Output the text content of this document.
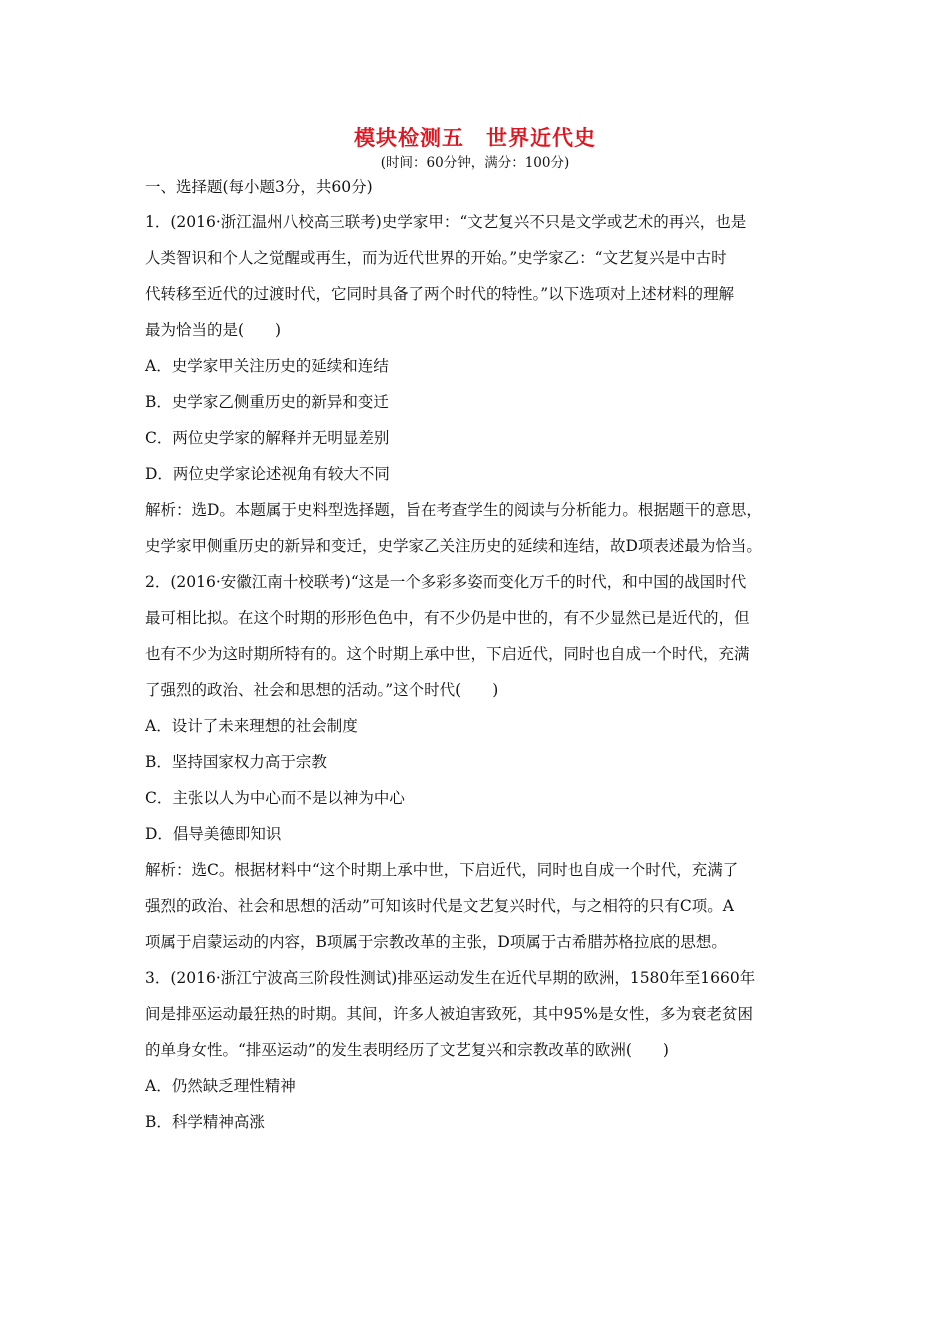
模块检测五　世界近代史
(时间：60分钟，满分：100分)
一、选择题(每小题3分，共60分)
1．(2016·浙江温州八校高三联考)史学家甲：“文艺复兴不只是文学或艺术的再兴，也是
人类智识和个人之觉醒或再生，而为近代世界的开始。”史学家乙：“文艺复兴是中古时
代转移至近代的过渡时代，它同时具备了两个时代的特性。”以下选项对上述材料的理解
最为恰当的是(　　)
A．史学家甲关注历史的延续和连结
B．史学家乙侧重历史的新异和变迁
C．两位史学家的解释并无明显差别
D．两位史学家论述视角有较大不同
解析：选D。本题属于史料型选择题，旨在考查学生的阅读与分析能力。根据题干的意思，
史学家甲侧重历史的新异和变迁，史学家乙关注历史的延续和连结，故D项表述最为恰当。
2．(2016·安徽江南十校联考)“这是一个多彩多姿而变化万千的时代，和中国的战国时代
最可相比拟。在这个时期的形形色色中，有不少仍是中世的，有不少显然已是近代的，但
也有不少为这时期所特有的。这个时期上承中世，下启近代，同时也自成一个时代，充满
了强烈的政治、社会和思想的活动。”这个时代(　　)
A．设计了未来理想的社会制度
B．坚持国家权力高于宗教
C．主张以人为中心而不是以神为中心
D．倡导美德即知识
解析：选C。根据材料中“这个时期上承中世，下启近代，同时也自成一个时代，充满了
强烈的政治、社会和思想的活动”可知该时代是文艺复兴时代，与之相符的只有C项。A
项属于启蒙运动的内容，B项属于宗教改革的主张，D项属于古希腊苏格拉底的思想。
3．(2016·浙江宁波高三阶段性测试)排巫运动发生在近代早期的欧洲，1580年至1660年
间是排巫运动最狂热的时期。其间，许多人被迫害致死，其中95%是女性，多为衰老贫困
的单身女性。“排巫运动”的发生表明经历了文艺复兴和宗教改革的欧洲(　　)
A．仍然缺乏理性精神
B．科学精神高涨
